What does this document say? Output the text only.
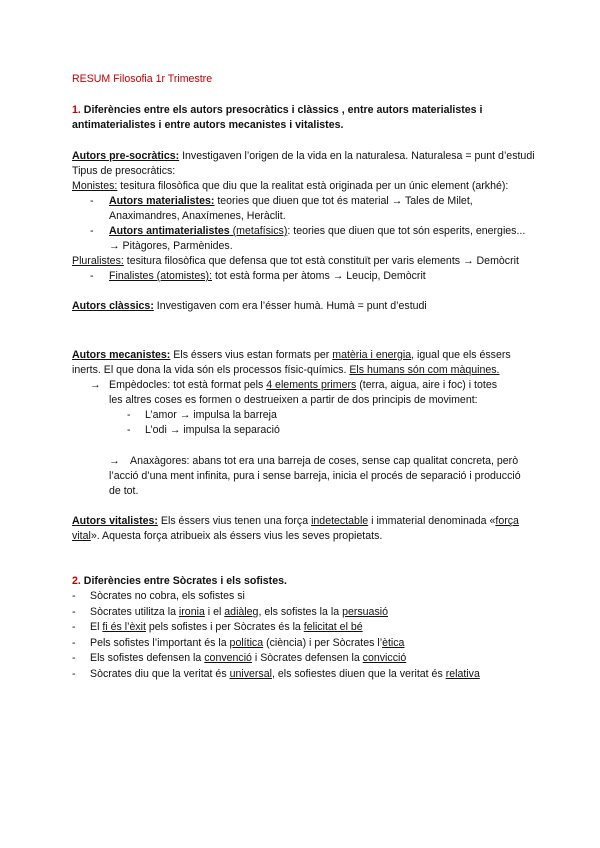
RESUM Filosofia 1r Trimestre
1. Diferències entre els autors presocràtics i clàssics , entre autors materialistes i
antimaterialistes i entre autors mecanistes i vitalistes.
Autors pre-socràtics: Investigaven l’origen de la vida en la naturalesa. Naturalesa = punt d’estudi
Tipus de presocràtics:
Monistes: tesitura filosòfica que diu que la realitat està originada per un únic element (arkhé):
- Autors materialistes: teories que diuen que tot és material → Tales de Milet,
Anaximandres, Anaxímenes, Heràclit.
- Autors antimaterialistes (metafísics): teories que diuen que tot són esperits, energies...
→ Pitàgores, Parmènides.
Pluralistes: tesitura filosòfica que defensa que tot està constituït per varis elements → Demòcrit
- Finalistes (atomistes): tot està forma per àtoms → Leucip, Demòcrit
Autors clàssics: Investigaven com era l’ésser humà. Humà = punt d’estudi
Autors mecanistes: Els éssers vius estan formats per matèria i energia, igual que els éssers
inerts. El que dona la vida són els processos físic-químics. Els humans són com màquines.
→ Empèdocles: tot està format pels 4 elements primers (terra, aigua, aire i foc) i totes
les altres coses es formen o destrueixen a partir de dos principis de moviment:
- L’amor → impulsa la barreja
- L’odi → impulsa la separació
→ Anaxàgores: abans tot era una barreja de coses, sense cap qualitat concreta, però
l’acció d’una ment infinita, pura i sense barreja, inicia el procés de separació i producció
de tot.
Autors vitalistes: Els éssers vius tenen una força indetectable i immaterial denominada «força
vital». Aquesta força atribueix als éssers vius les seves propietats.
2. Diferències entre Sòcrates i els sofistes.
- Sòcrates no cobra, els sofistes si
- Sòcrates utilitza la ironia i el adiàleg, els sofistes la la persuasió
- El fi és l’èxit pels sofistes i per Sòcrates és la felicitat el bé
- Pels sofistes l’important és la política (ciència) i per Sòcrates l’ètica
- Els sofistes defensen la convenció i Sòcrates defensen la convicció
- Sòcrates diu que la veritat és universal, els sofiestes diuen que la veritat és relativa
